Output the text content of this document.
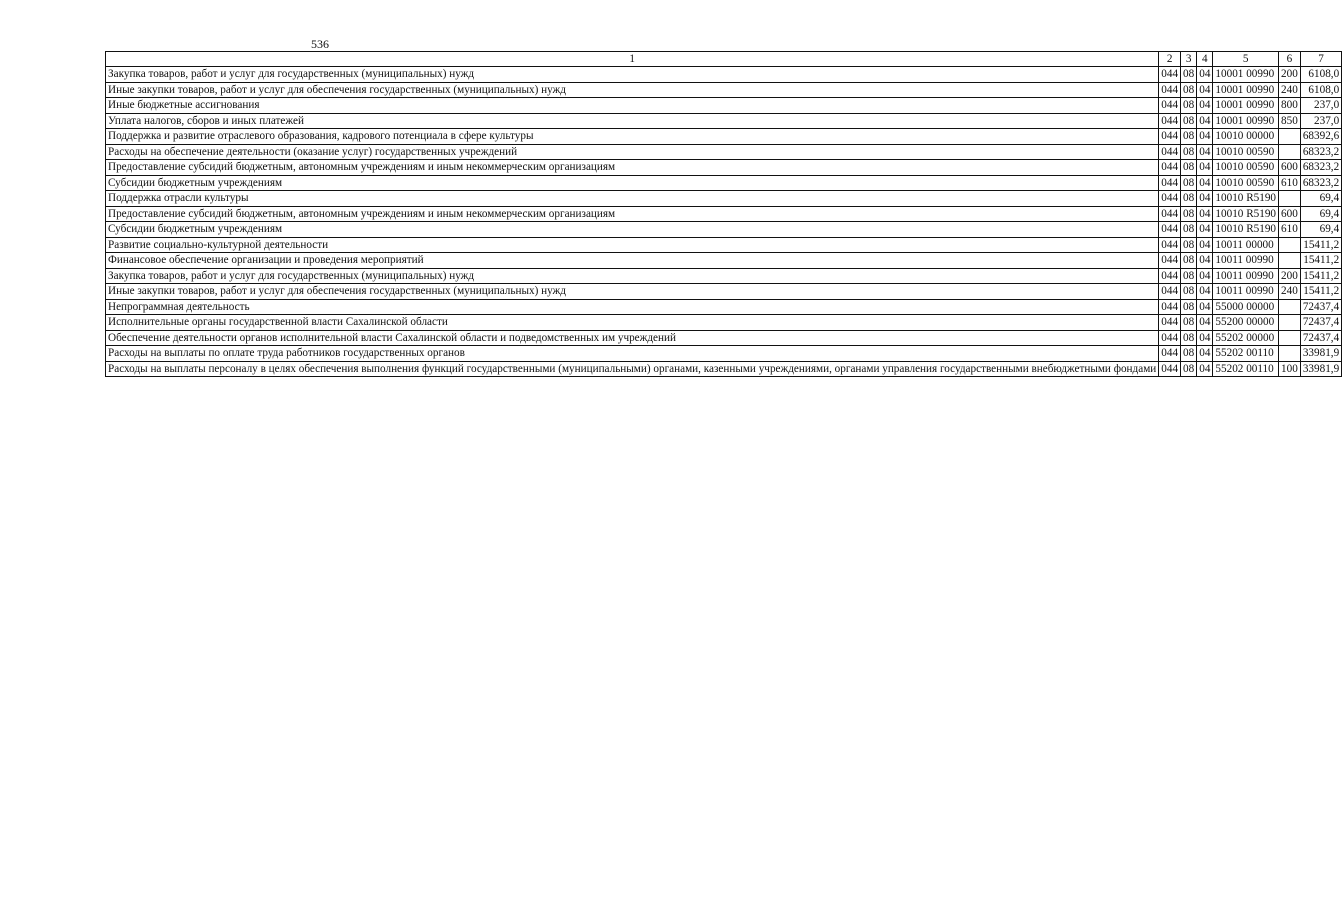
536
1	2	3	4	5	6	7
Закупка товаров, работ и услуг для государственных (муниципальных) нужд	044	08	04	10001 00990	200	6108,0
Иные закупки товаров, работ и услуг для обеспечения государственных (муниципальных) нужд	044	08	04	10001 00990	240	6108,0
Иные бюджетные ассигнования	044	08	04	10001 00990	800	237,0
Уплата налогов, сборов и иных платежей	044	08	04	10001 00990	850	237,0
Поддержка и развитие отраслевого образования, кадрового потенциала в сфере культуры	044	08	04	10010 00000		68392,6
Расходы на обеспечение деятельности (оказание услуг) государственных учреждений	044	08	04	10010 00590		68323,2
Предоставление субсидий бюджетным, автономным учреждениям и иным некоммерческим организациям	044	08	04	10010 00590	600	68323,2
Субсидии бюджетным учреждениям	044	08	04	10010 00590	610	68323,2
Поддержка отрасли культуры	044	08	04	10010 R5190		69,4
Предоставление субсидий бюджетным, автономным учреждениям и иным некоммерческим организациям	044	08	04	10010 R5190	600	69,4
Субсидии бюджетным учреждениям	044	08	04	10010 R5190	610	69,4
Развитие социально-культурной деятельности	044	08	04	10011 00000		15411,2
Финансовое обеспечение организации и проведения мероприятий	044	08	04	10011 00990		15411,2
Закупка товаров, работ и услуг для государственных (муниципальных) нужд	044	08	04	10011 00990	200	15411,2
Иные закупки товаров, работ и услуг для обеспечения государственных (муниципальных) нужд	044	08	04	10011 00990	240	15411,2
Непрограммная деятельность	044	08	04	55000 00000		72437,4
Исполнительные органы государственной власти Сахалинской области	044	08	04	55200 00000		72437,4
Обеспечение деятельности органов исполнительной власти Сахалинской области и подведомственных им учреждений	044	08	04	55202 00000		72437,4
Расходы на выплаты по оплате труда работников государственных органов	044	08	04	55202 00110		33981,9
Расходы на выплаты персоналу в целях обеспечения выполнения функций государственными (муниципальными) органами, казенными учреждениями, органами управления государственными внебюджетными фондами	044	08	04	55202 00110	100	33981,9
